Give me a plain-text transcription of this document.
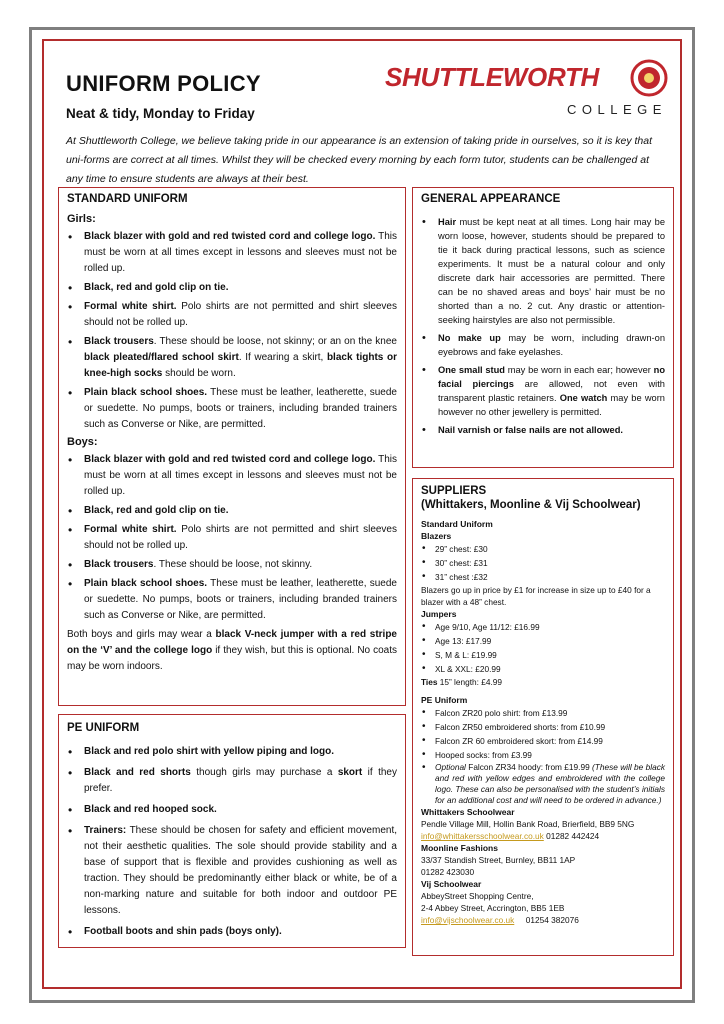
UNIFORM POLICY
Neat & tidy, Monday to Friday
SHUTTLEWORTH
COLLEGE
At Shuttleworth College, we believe taking pride in our appearance is an extension of taking pride in ourselves, so it is key that uni-forms are correct at all times. Whilst they will be checked every morning by each form tutor, students can be challenged at any time to ensure students are always at their best.
STANDARD UNIFORM
Girls:
• Black blazer with gold and red twisted cord and college logo. This must be worn at all times except in lessons and sleeves must not be rolled up.
• Black, red and gold clip on tie.
• Formal white shirt. Polo shirts are not permitted and shirt sleeves should not be rolled up.
• Black trousers. These should be loose, not skinny; or an on the knee black pleated/flared school skirt. If wearing a skirt, black tights or knee-high socks should be worn.
• Plain black school shoes. These must be leather, leatherette, suede or suedette. No pumps, boots or trainers, including branded trainers such as Converse or Nike, are permitted.
Boys:
• Black blazer with gold and red twisted cord and college logo. This must be worn at all times except in lessons and sleeves must not be rolled up.
• Black, red and gold clip on tie.
• Formal white shirt. Polo shirts are not permitted and shirt sleeves should not be rolled up.
• Black trousers. These should be loose, not skinny.
• Plain black school shoes. These must be leather, leatherette, suede or suedette. No pumps, boots or trainers, including branded trainers such as Converse or Nike, are permitted.

Both boys and girls may wear a black V-neck jumper with a red stripe on the ‘V’ and the college logo if they wish, but this is optional. No coats may be worn indoors.

PE UNIFORM
• Black and red polo shirt with yellow piping and logo.
• Black and red shorts though girls may purchase a skort if they prefer.
• Black and red hooped sock.
• Trainers: These should be chosen for safety and efficient movement, not their aesthetic qualities. The sole should provide stability and a base of support that is flexible and provides cushioning as well as traction. They should be predominantly either black or white, be of a non-marking nature and suitable for both indoor and outdoor PE lessons.
• Football boots and shin pads (boys only).
GENERAL APPEARANCE
• Hair must be kept neat at all times. Long hair may be worn loose, however, students should be prepared to tie it back during practical lessons, such as science experiments. It must be a natural colour and only discrete dark hair accessories are permitted. There can be no shaved areas and boys’ hair must be no shorted than a no. 2 cut. Any drastic or attention-seeking hairstyles are also not permissible.
• No make up may be worn, including drawn-on eyebrows and fake eyelashes.
• One small stud may be worn in each ear; however no facial piercings are allowed, not even with transparent plastic retainers. One watch may be worn however no other jewellery is permitted.
• Nail varnish or false nails are not allowed.
SUPPLIERS
(Whittakers, Moonline & Vij Schoolwear)
Standard Uniform
Blazers
• 29” chest: £30
• 30” chest: £31
• 31” chest :£32
Blazers go up in price by £1 for increase in size up to £40 for a blazer with a 48” chest.
Jumpers
• Age 9/10, Age 11/12: £16.99
• Age 13: £17.99
• S, M & L: £19.99
• XL & XXL: £20.99
Ties 15” length: £4.99
PE Uniform
• Falcon ZR20 polo shirt: from £13.99
• Falcon ZR50 embroidered shorts: from £10.99
• Falcon ZR 60 embroidered skort: from £14.99
• Hooped socks: from £3.99
• Optional Falcon ZR34 hoody: from £19.99 (These will be black and red with yellow edges and embroidered with the college logo. These can also be personalised with the student’s initials for an additional cost and will need to be ordered in advance.)
Whittakers Schoolwear
Pendle Village Mill, Hollin Bank Road, Brierfield, BB9 5NG
info@whittakersschoolwear.co.uk 01282 442424
Moonline Fashions
33/37 Standish Street, Burnley, BB11 1AP
01282 423030
Vij Schoolwear
AbbeyStreet Shopping Centre,
2-4 Abbey Street, Accrington, BB5 1EB
info@vijschoolwear.co.uk     01254 382076
